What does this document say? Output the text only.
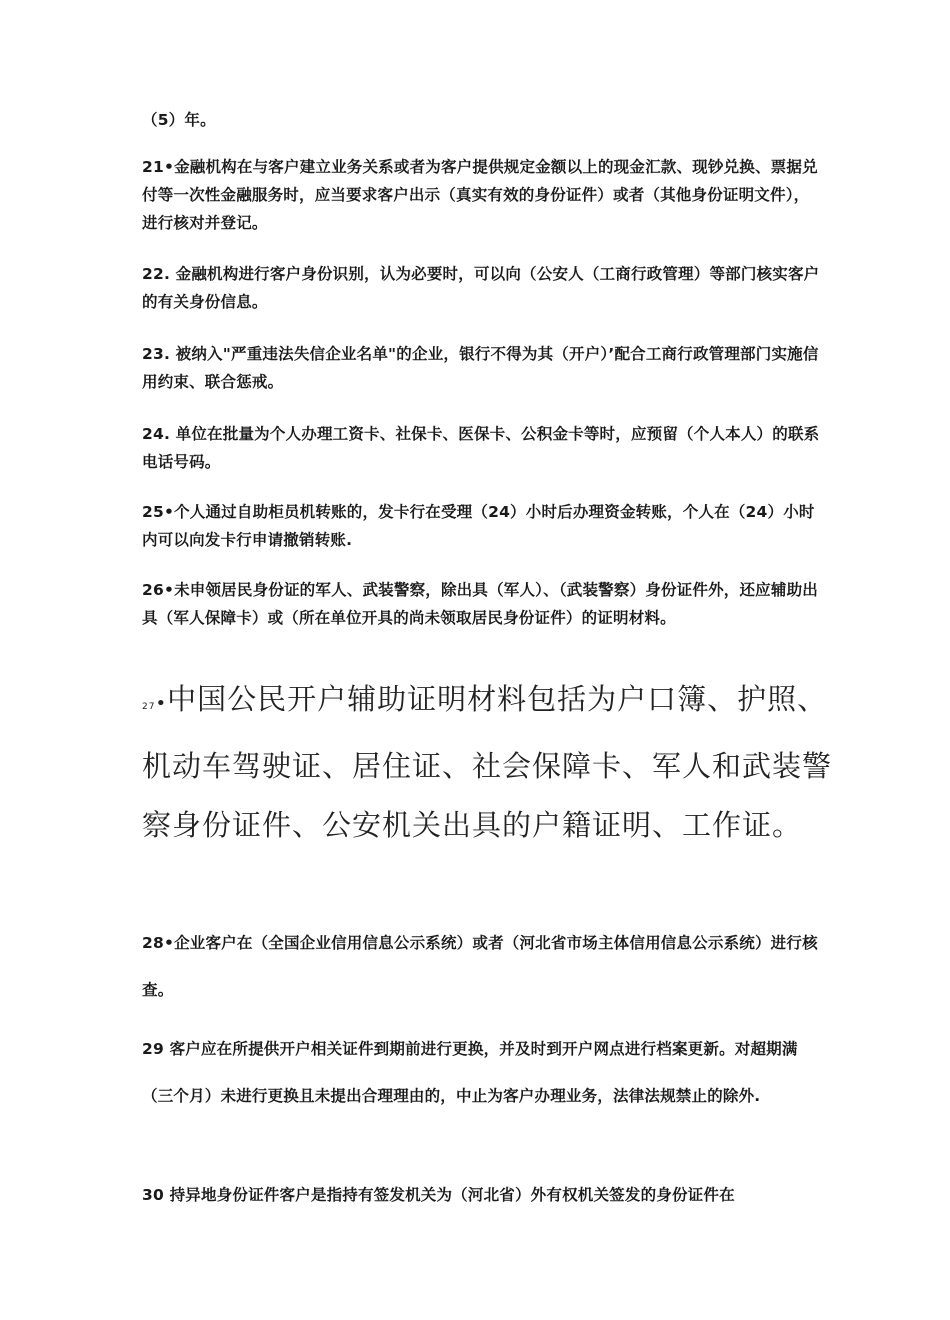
（5）年。
21•金融机构在与客户建立业务关系或者为客户提供规定金额以上的现金汇款、现钞兑换、票据兑付等一次性金融服务时，应当要求客户出示（真实有效的身份证件）或者（其他身份证明文件），进行核对并登记。
22. 金融机构进行客户身份识别，认为必要时，可以向（公安人（工商行政管理）等部门核实客户的有关身份信息。
23. 被纳入"严重违法失信企业名单"的企业，银行不得为其（开户）’配合工商行政管理部门实施信用约束、联合惩戒。
24. 单位在批量为个人办理工资卡、社保卡、医保卡、公积金卡等时，应预留（个人本人）的联系电话号码。
25•个人通过自助柜员机转账的，发卡行在受理（24）小时后办理资金转账，个人在（24）小时内可以向发卡行申请撤销转账.
26•未申领居民身份证的军人、武装警察，除出具（军人）、（武装警察）身份证件外，还应辅助出具（军人保障卡）或（所在单位开具的尚未领取居民身份证件）的证明材料。
27•中国公民开户辅助证明材料包括为户口簿、护照、机动车驾驶证、居住证、社会保障卡、军人和武装警察身份证件、公安机关出具的户籍证明、工作证。
28•企业客户在（全国企业信用信息公示系统）或者（河北省市场主体信用信息公示系统）进行核查。
29 客户应在所提供开户相关证件到期前进行更换，并及时到开户网点进行档案更新。对超期满（三个月）未进行更换且未提出合理理由的，中止为客户办理业务，法律法规禁止的除外.
30 持异地身份证件客户是指持有签发机关为（河北省）外有权机关签发的身份证件在
